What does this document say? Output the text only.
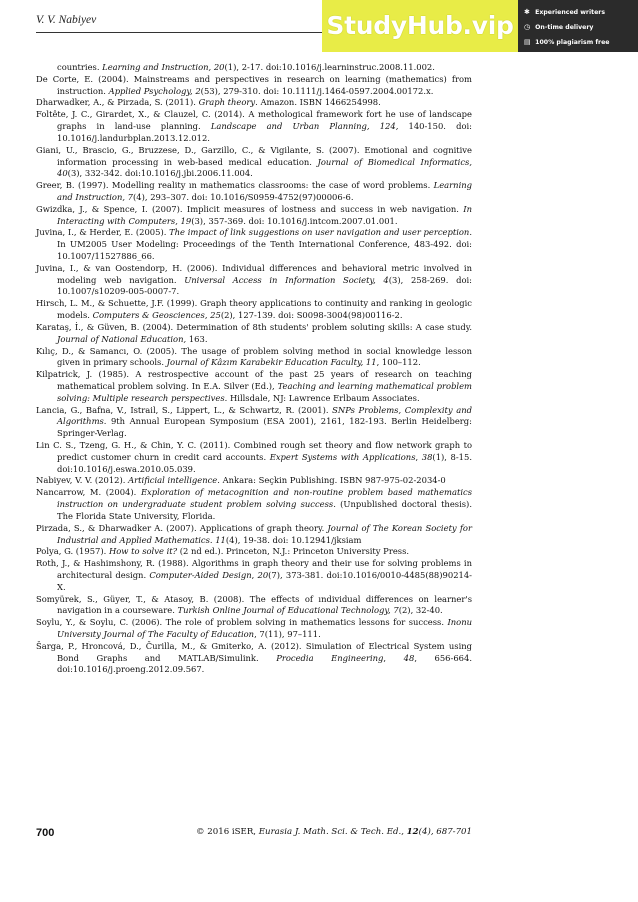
V. V. Nabiyev	StudyHub.vip	✱ Experienced writers
◷ On-time delivery
▤ 100% plagiarism free
countries. Learning and Instruction, 20(1), 2-17. doi:10.1016/j.learninstruc.2008.11.002.
De Corte, E. (2004). Mainstreams and perspectives in research on learning (mathematics) from instruction. Applied Psychology, 2(53), 279-310. doi: 10.1111/j.1464-0597.2004.00172.x.
Dharwadker, A., & Pirzada, S. (2011). Graph theory. Amazon. ISBN 1466254998.
Foltête, J. C., Girardet, X., & Clauzel, C. (2014). A methological framework fort he use of landscape graphs in land-use planning. Landscape and Urban Planning, 124, 140-150. doi: 10.1016/j.landurbplan.2013.12.012.
Giani, U., Brascio, G., Bruzzese, D., Garzillo, C., & Vigilante, S. (2007). Emotional and cognitive information processing in web-based medical education. Journal of Biomedical Informatics, 40(3), 332-342. doi:10.1016/j.jbi.2006.11.004.
Greer, B. (1997). Modelling reality ın mathematics classrooms: the case of word problems. Learning and Instruction, 7(4), 293–307. doi: 10.1016/S0959-4752(97)00006-6.
Gwizdka, J., & Spence, I. (2007). Implicit measures of lostness and success in web navigation. In Interacting with Computers, 19(3), 357-369. doi: 10.1016/j.intcom.2007.01.001.
Juvina, I., & Herder, E. (2005). The impact of link suggestions on user navigation and user perception. In UM2005 User Modeling: Proceedings of the Tenth International Conference, 483-492. doi: 10.1007/11527886_66.
Juvina, I., & van Oostendorp, H. (2006). Individual differences and behavioral metric involved in modeling web navigation. Universal Access in Information Society, 4(3), 258-269. doi: 10.1007/s10209-005-0007-7.
Hirsch, L. M., & Schuette, J.F. (1999). Graph theory applications to continuity and ranking in geologic models. Computers & Geosciences, 25(2), 127-139. doi: S0098-3004(98)00116-2.
Karataş, İ., & Güven, B. (2004). Determination of 8th students' problem soluting skills: A case study. Journal of National Education, 163.
Kılıç, D., & Samancı, O. (2005). The usage of problem solving method in social knowledge lesson given in primary schools. Journal of Kâzım Karabekir Education Faculty, 11, 100–112.
Kilpatrick, J. (1985). A restrospective account of the past 25 years of research on teaching mathematical problem solving. In E.A. Silver (Ed.), Teaching and learning mathematical problem solving: Multiple research perspectives. Hillsdale, NJ: Lawrence Erlbaum Associates.
Lancia, G., Bafna, V., Istrail, S., Lippert, L., & Schwartz, R. (2001). SNPs Problems, Complexity and Algorithms. 9th Annual European Symposium (ESA 2001), 2161, 182-193. Berlin Heidelberg: Springer-Verlag.
Lin C. S., Tzeng, G. H., & Chin, Y. C. (2011). Combined rough set theory and flow network graph to predict customer churn in credit card accounts. Expert Systems with Applications, 38(1), 8-15. doi:10.1016/j.eswa.2010.05.039.
Nabiyev, V. V. (2012). Artificial intelligence. Ankara: Seçkin Publishing. ISBN 987-975-02-2034-0
Nancarrow, M. (2004). Exploration of metacognition and non-routine problem based mathematics instruction on undergraduate student problem solving success. (Unpublished doctoral thesis). The Florida State University, Florida.
Pirzada, S., & Dharwadker A. (2007). Applications of graph theory. Journal of The Korean Society for Industrial and Applied Mathematics. 11(4), 19-38. doi: 10.12941/jksiam
Polya, G. (1957). How to solve it? (2 nd ed.). Princeton, N.J.: Princeton University Press.
Roth, J., & Hashimshony, R. (1988). Algorithms in graph theory and their use for solving problems in architectural design. Computer-Aided Design, 20(7), 373-381. doi:10.1016/0010-4485(88)90214-X.
Somyürek, S., Güyer, T., & Atasoy, B. (2008). The effects of ındividual differences on learner's navigation in a courseware. Turkish Online Journal of Educational Technology, 7(2), 32-40.
Soylu, Y., & Soylu, C. (2006). The role of problem solving in mathematics lessons for success. Inonu Universıty Journal of The Faculty of Education, 7(11), 97–111.
Šarga, P., Hroncová, D., Čurilla, M., & Gmiterko, A. (2012). Simulation of Electrical System using Bond Graphs and MATLAB/Simulink. Procedia Engineering, 48, 656-664. doi:10.1016/j.proeng.2012.09.567.
700	© 2016 iSER, Eurasia J. Math. Sci. & Tech. Ed., 12(4), 687-701
